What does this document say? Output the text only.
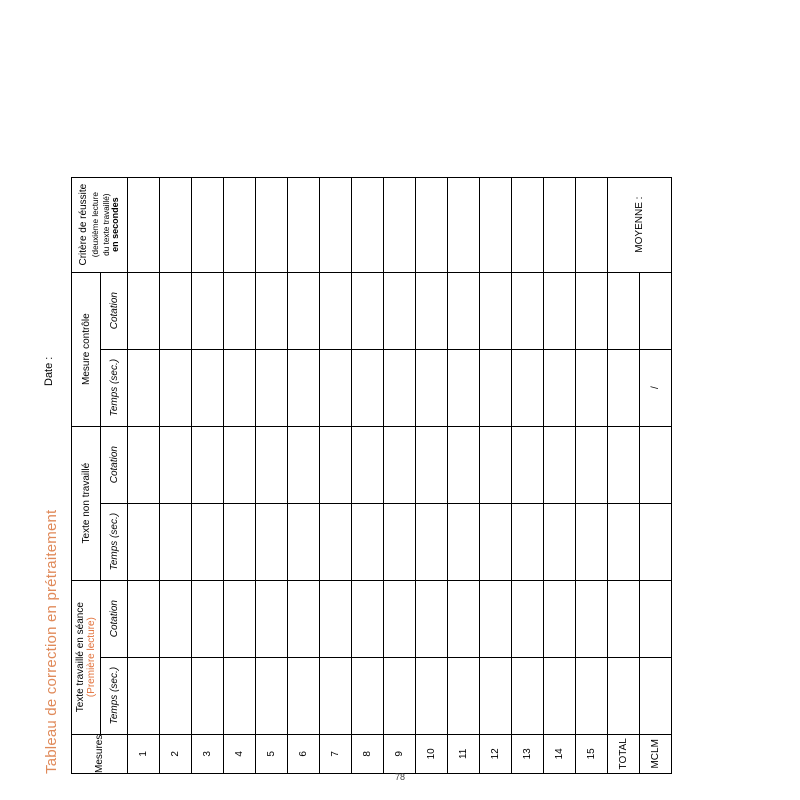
Tableau de correction en prétraitement
Date :
Mesures	Texte travaillé en séance (Première lecture)		Texte non travaillé		Mesure contrôle		Critère de réussite (deuxième lecture du texte travaillé) en secondes

	Temps (sec.)	Cotation	Temps (sec.)	Cotation	Temps (sec.)	Cotation	
1							
2							
3							
4							
5							
6							
7							
8							
9							
10							
11							
12							
13							
14							
15							
TOTAL							MOYENNE :
MCLM					/		
78
